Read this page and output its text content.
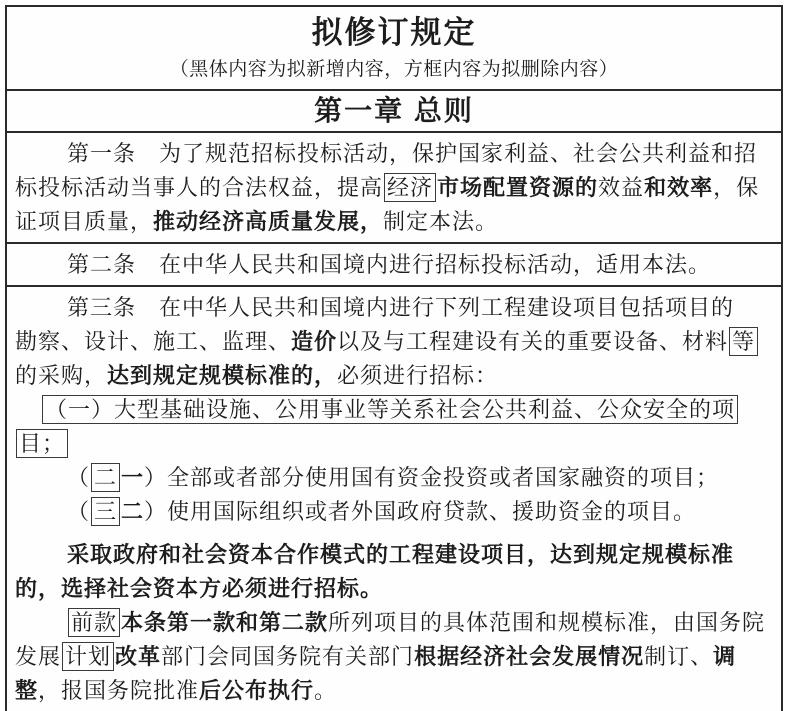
拟修订规定

（黑体内容为拟新增内容，方框内容为拟删除内容）

第一章 总则
第一条　为了规范招标投标活动，保护国家利益、社会公共利益和招
标投标活动当事人的合法权益，提高 经济 市场配置资源的效益和效率，保
证项目质量，推动经济高质量发展，制定本法。
第二条　在中华人民共和国境内进行招标投标活动，适用本法。
第三条　在中华人民共和国境内进行下列工程建设项目包括项目的
勘察、设计、施工、监理、造价以及与工程建设有关的重要设备、材料 等
的采购，达到规定规模标准的，必须进行招标：
（一）大型基础设施、公用事业等关系社会公共利益、公众安全的项
目；
（ 二 一）全部或者部分使用国有资金投资或者国家融资的项目；
（ 三 二）使用国际组织或者外国政府贷款、援助资金的项目。
采取政府和社会资本合作模式的工程建设项目，达到规定规模标准
的，选择社会资本方必须进行招标。
前款 本条第一款和第二款所列项目的具体范围和规模标准，由国务院
发展 计划 改革部门会同国务院有关部门根据经济社会发展情况制订、调
整，报国务院批准后公布执行。
